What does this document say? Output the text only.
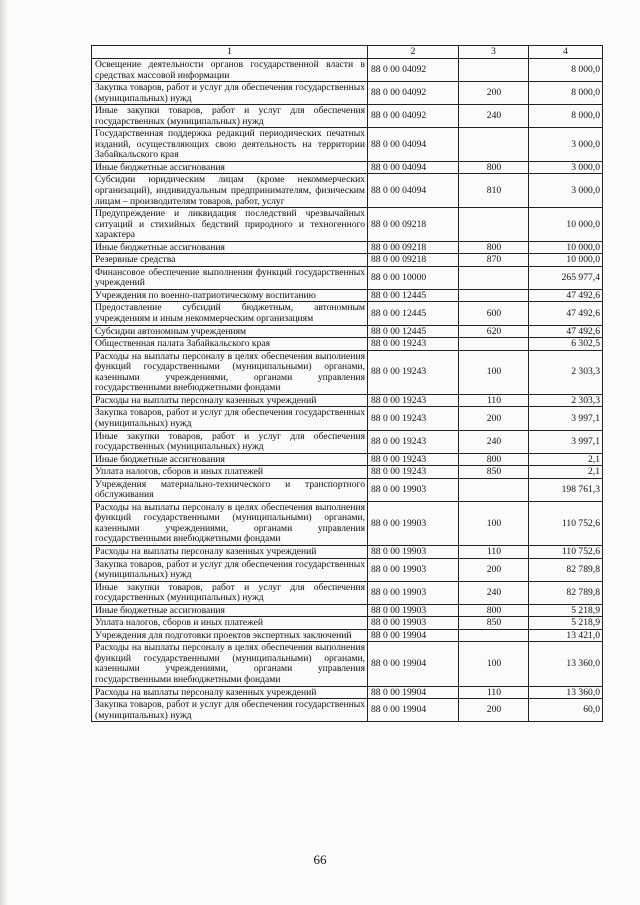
1	2	3	4
Освещение деятельности органов государственной власти в средствах массовой информации	88 0 00 04092		8 000,0
Закупка товаров, работ и услуг для обеспечения государственных (муниципальных) нужд	88 0 00 04092	200	8 000,0
Иные закупки товаров, работ и услуг для обеспечения государственных (муниципальных) нужд	88 0 00 04092	240	8 000,0
Государственная поддержка редакций периодических печатных изданий, осуществляющих свою деятельность на территории Забайкальского края	88 0 00 04094		3 000,0
Иные бюджетные ассигнования	88 0 00 04094	800	3 000,0
Субсидии юридическим лицам (кроме некоммерческих организаций), индивидуальным предпринимателям, физическим лицам – производителям товаров, работ, услуг	88 0 00 04094	810	3 000,0
Предупреждение и ликвидация последствий чрезвычайных ситуаций и стихийных бедствий природного и техногенного характера	88 0 00 09218		10 000,0
Иные бюджетные ассигнования	88 0 00 09218	800	10 000,0
Резервные средства	88 0 00 09218	870	10 000,0
Финансовое обеспечение выполнения функций государственных учреждений	88 0 00 10000		265 977,4
Учреждения по военно-патриотическому воспитанию	88 0 00 12445		47 492,6
Предоставление субсидий бюджетным, автономным учреждениям и иным некоммерческим организациям	88 0 00 12445	600	47 492,6
Субсидии автономным учреждениям	88 0 00 12445	620	47 492,6
Общественная палата Забайкальского края	88 0 00 19243		6 302,5
Расходы на выплаты персоналу в целях обеспечения выполнения функций государственными (муниципальными) органами, казенными учреждениями, органами управления государственными внебюджетными фондами	88 0 00 19243	100	2 303,3
Расходы на выплаты персоналу казенных учреждений	88 0 00 19243	110	2 303,3
Закупка товаров, работ и услуг для обеспечения государственных (муниципальных) нужд	88 0 00 19243	200	3 997,1
Иные закупки товаров, работ и услуг для обеспечения государственных (муниципальных) нужд	88 0 00 19243	240	3 997,1
Иные бюджетные ассигнования	88 0 00 19243	800	2,1
Уплата налогов, сборов и иных платежей	88 0 00 19243	850	2,1
Учреждения материально-технического и транспортного обслуживания	88 0 00 19903		198 761,3
Расходы на выплаты персоналу в целях обеспечения выполнения функций государственными (муниципальными) органами, казенными учреждениями, органами управления государственными внебюджетными фондами	88 0 00 19903	100	110 752,6
Расходы на выплаты персоналу казенных учреждений	88 0 00 19903	110	110 752,6
Закупка товаров, работ и услуг для обеспечения государственных (муниципальных) нужд	88 0 00 19903	200	82 789,8
Иные закупки товаров, работ и услуг для обеспечения государственных (муниципальных) нужд	88 0 00 19903	240	82 789,8
Иные бюджетные ассигнования	88 0 00 19903	800	5 218,9
Уплата налогов, сборов и иных платежей	88 0 00 19903	850	5 218,9
Учреждения для подготовки проектов экспертных заключений	88 0 00 19904		13 421,0
Расходы на выплаты персоналу в целях обеспечения выполнения функций государственными (муниципальными) органами, казенными учреждениями, органами управления государственными внебюджетными фондами	88 0 00 19904	100	13 360,0
Расходы на выплаты персоналу казенных учреждений	88 0 00 19904	110	13 360,0
Закупка товаров, работ и услуг для обеспечения государственных (муниципальных) нужд	88 0 00 19904	200	60,0
66
